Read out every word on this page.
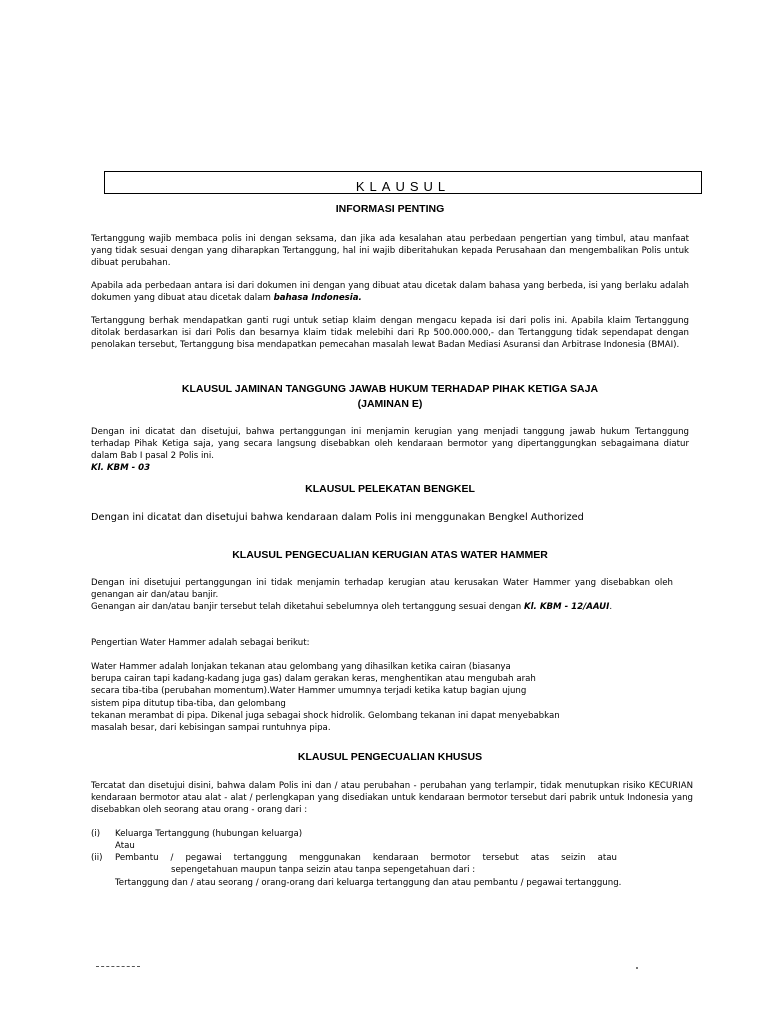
KLAUSUL
INFORMASI PENTING
Tertanggung wajib membaca polis ini dengan seksama, dan jika ada kesalahan atau perbedaan pengertian yang timbul, atau manfaat yang tidak sesuai dengan yang diharapkan Tertanggung, hal ini wajib diberitahukan kepada Perusahaan dan mengembalikan Polis untuk dibuat perubahan.
Apabila ada perbedaan antara isi dari dokumen ini dengan yang dibuat atau dicetak dalam bahasa yang berbeda, isi yang berlaku adalah dokumen yang dibuat atau dicetak dalam bahasa Indonesia.
Tertanggung berhak mendapatkan ganti rugi untuk setiap klaim dengan mengacu kepada isi dari polis ini. Apabila klaim Tertanggung ditolak berdasarkan isi dari Polis dan besarnya klaim tidak melebihi dari Rp 500.000.000,- dan Tertanggung tidak sependapat dengan penolakan tersebut, Tertanggung bisa mendapatkan pemecahan masalah lewat Badan Mediasi Asuransi dan Arbitrase Indonesia (BMAI).
KLAUSUL JAMINAN TANGGUNG JAWAB HUKUM TERHADAP PIHAK KETIGA SAJA
(JAMINAN E)
Dengan ini dicatat dan disetujui, bahwa pertanggungan ini menjamin kerugian yang menjadi tanggung jawab hukum Tertanggung terhadap Pihak Ketiga saja, yang secara langsung disebabkan oleh kendaraan bermotor yang dipertanggungkan sebagaimana diatur dalam Bab I pasal 2 Polis ini.
Kl. KBM - 03
KLAUSUL PELEKATAN BENGKEL
Dengan ini dicatat dan disetujui bahwa kendaraan dalam Polis ini menggunakan Bengkel Authorized
KLAUSUL PENGECUALIAN KERUGIAN ATAS WATER HAMMER
Dengan ini disetujui pertanggungan ini tidak menjamin terhadap kerugian atau kerusakan Water Hammer yang disebabkan oleh genangan air dan/atau banjir.
Genangan air dan/atau banjir tersebut telah diketahui sebelumnya oleh tertanggung sesuai dengan Kl. KBM - 12/AAUI.
Pengertian Water Hammer adalah sebagai berikut:
Water Hammer adalah lonjakan tekanan atau gelombang yang dihasilkan ketika cairan (biasanya
berupa cairan tapi kadang-kadang juga gas) dalam gerakan keras, menghentikan atau mengubah arah
secara tiba-tiba (perubahan momentum).Water Hammer umumnya terjadi ketika katup bagian ujung
sistem pipa ditutup tiba-tiba, dan gelombang
tekanan merambat di pipa. Dikenal juga sebagai shock hidrolik. Gelombang tekanan ini dapat menyebabkan
masalah besar, dari kebisingan sampai runtuhnya pipa.
KLAUSUL PENGECUALIAN KHUSUS
Tercatat dan disetujui disini, bahwa dalam Polis ini dan / atau perubahan - perubahan yang terlampir, tidak menutupkan risiko KECURIAN kendaraan bermotor atau alat - alat / perlengkapan yang disediakan untuk kendaraan bermotor tersebut dari pabrik untuk Indonesia yang disebabkan oleh seorang atau orang - orang dari :
(i) Keluarga Tertanggung (hubungan keluarga)
Atau
(ii) Pembantu / pegawai tertanggung menggunakan kendaraan bermotor tersebut atas seizin atau
sepengetahuan maupun tanpa seizin atau tanpa sepengetahuan dari :
Tertanggung dan / atau seorang / orang-orang dari keluarga tertanggung dan atau pembantu / pegawai tertanggung.
